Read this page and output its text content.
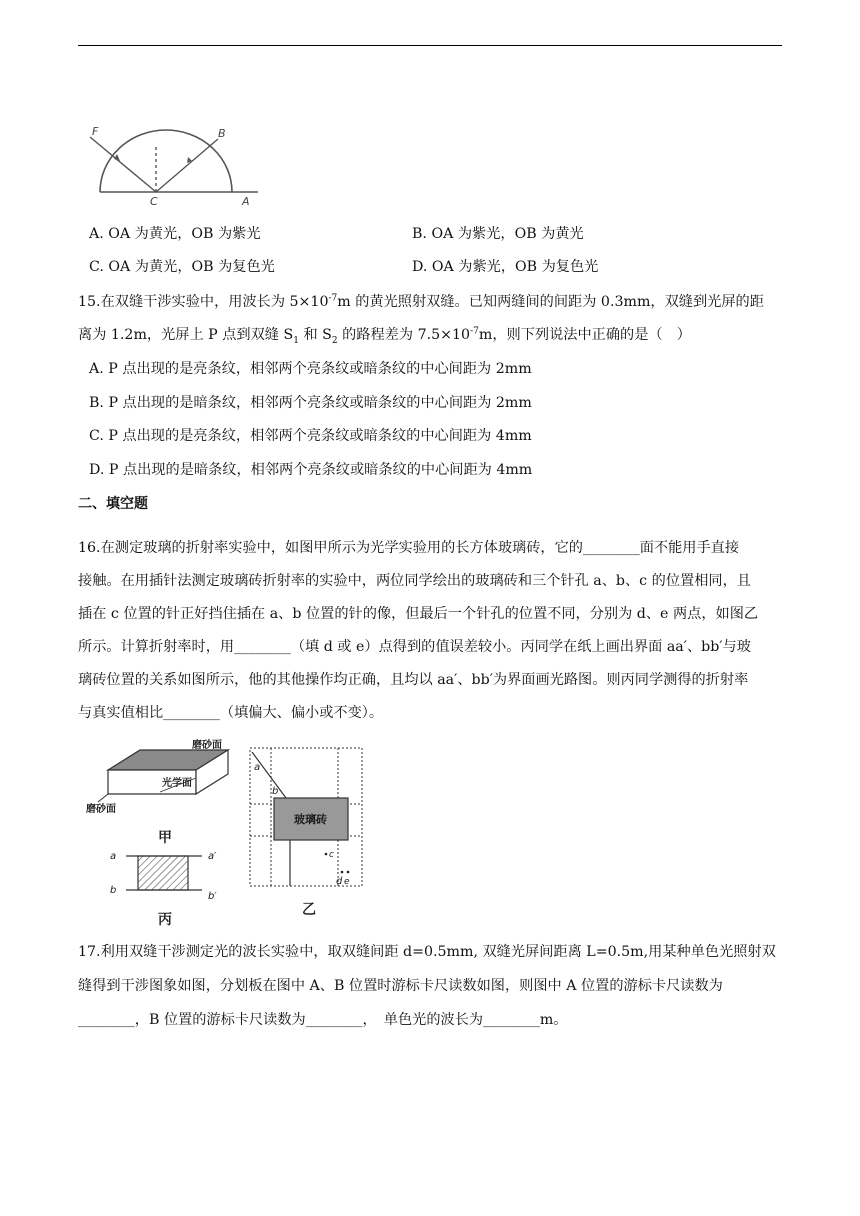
F	B
C	A
A. OA 为黄光，OB 为紫光	B. OA 为紫光，OB 为黄光
C. OA 为黄光，OB 为复色光	D. OA 为紫光，OB 为复色光
15.在双缝干涉实验中，用波长为 $5\times 10^{-7}m$ 的黄光照射双缝。已知两缝间的间距为 0.3mm，双缝到光屏的距
离为 1.2m，光屏上 P 点到双缝 $S_1$ 和 $S_2$ 的路程差为 $7.5\times 10^{-7}m$，则下列说法中正确的是（　）
A. P 点出现的是亮条纹，相邻两个亮条纹或暗条纹的中心间距为 2mm
B. P 点出现的是暗条纹，相邻两个亮条纹或暗条纹的中心间距为 2mm
C. P 点出现的是亮条纹，相邻两个亮条纹或暗条纹的中心间距为 4mm
D. P 点出现的是暗条纹，相邻两个亮条纹或暗条纹的中心间距为 4mm
二、填空题
16.在测定玻璃的折射率实验中，如图甲所示为光学实验用的长方体玻璃砖，它的________面不能用手直接
接触。在用插针法测定玻璃砖折射率的实验中，两位同学绘出的玻璃砖和三个针孔 a、b、c 的位置相同，且
插在 c 位置的针正好挡住插在 a、b 位置的针的像，但最后一个针孔的位置不同，分别为 d、e 两点，如图乙
所示。计算折射率时，用________（填 d 或 e）点得到的值误差较小。丙同学在纸上画出界面 aa′、bb′与玻
璃砖位置的关系如图所示，他的其他操作均正确，且均以 aa′、bb′为界面画光路图。则丙同学测得的折射率
与真实值相比________（填偏大、偏小或不变）。
磨砂面
光学面
磨砂面
甲
a	a′
b
b′
丙
a
b
玻璃砖
c
d e
乙
17.利用双缝干涉测定光的波长实验中，取双缝间距 d=0.5mm, 双缝光屏间距离 L=0.5m,用某种单色光照射双
缝得到干涉图象如图，分划板在图中 A、B 位置时游标卡尺读数如图，则图中 A 位置的游标卡尺读数为
________，B 位置的游标卡尺读数为________，　单色光的波长为________m。
